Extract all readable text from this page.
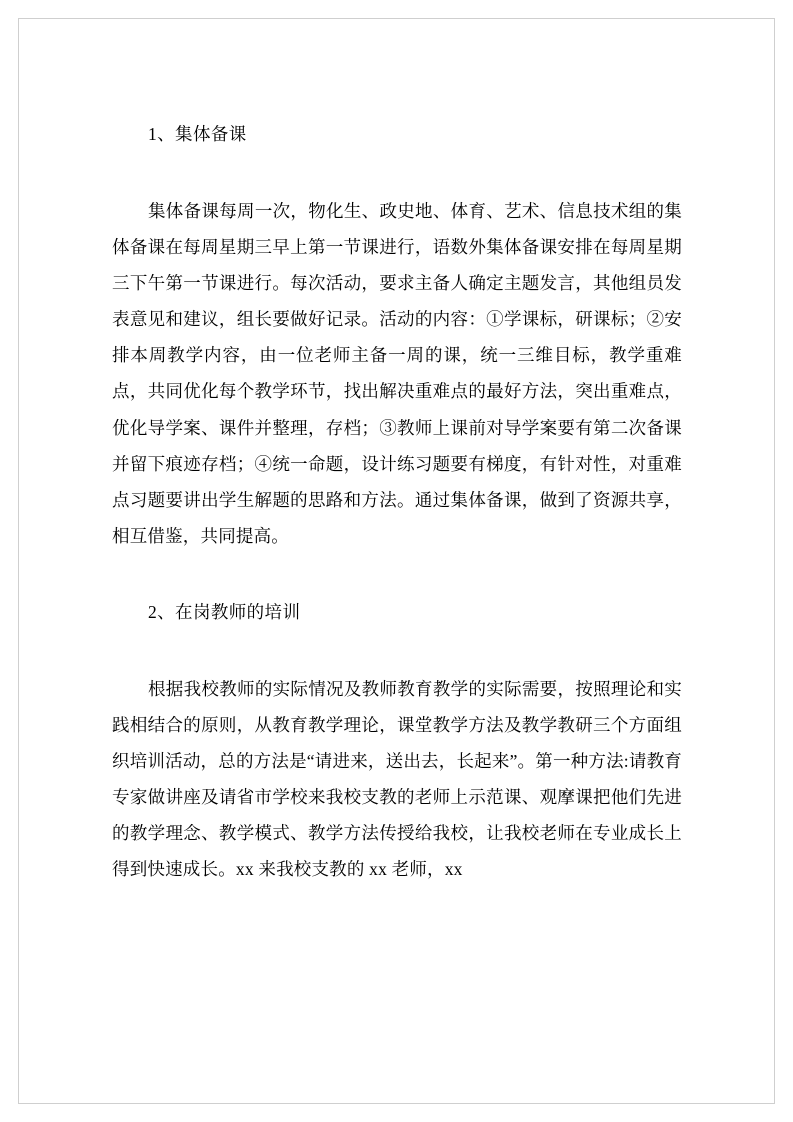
1、集体备课

集体备课每周一次，物化生、政史地、体育、艺术、信息技术组的集体备课在每周星期三早上第一节课进行，语数外集体备课安排在每周星期三下午第一节课进行。每次活动，要求主备人确定主题发言，其他组员发表意见和建议，组长要做好记录。活动的内容：①学课标，研课标；②安排本周教学内容，由一位老师主备一周的课，统一三维目标，教学重难点，共同优化每个教学环节，找出解决重难点的最好方法，突出重难点，优化导学案、课件并整理，存档；③教师上课前对导学案要有第二次备课并留下痕迹存档；④统一命题，设计练习题要有梯度，有针对性，对重难点习题要讲出学生解题的思路和方法。通过集体备课，做到了资源共享，相互借鉴，共同提高。

2、在岗教师的培训

根据我校教师的实际情况及教师教育教学的实际需要，按照理论和实践相结合的原则，从教育教学理论，课堂教学方法及教学教研三个方面组织培训活动，总的方法是“请进来，送出去，长起来”。第一种方法:请教育专家做讲座及请省市学校来我校支教的老师上示范课、观摩课把他们先进的教学理念、教学模式、教学方法传授给我校，让我校老师在专业成长上得到快速成长。xx 来我校支教的 xx 老师，xx
